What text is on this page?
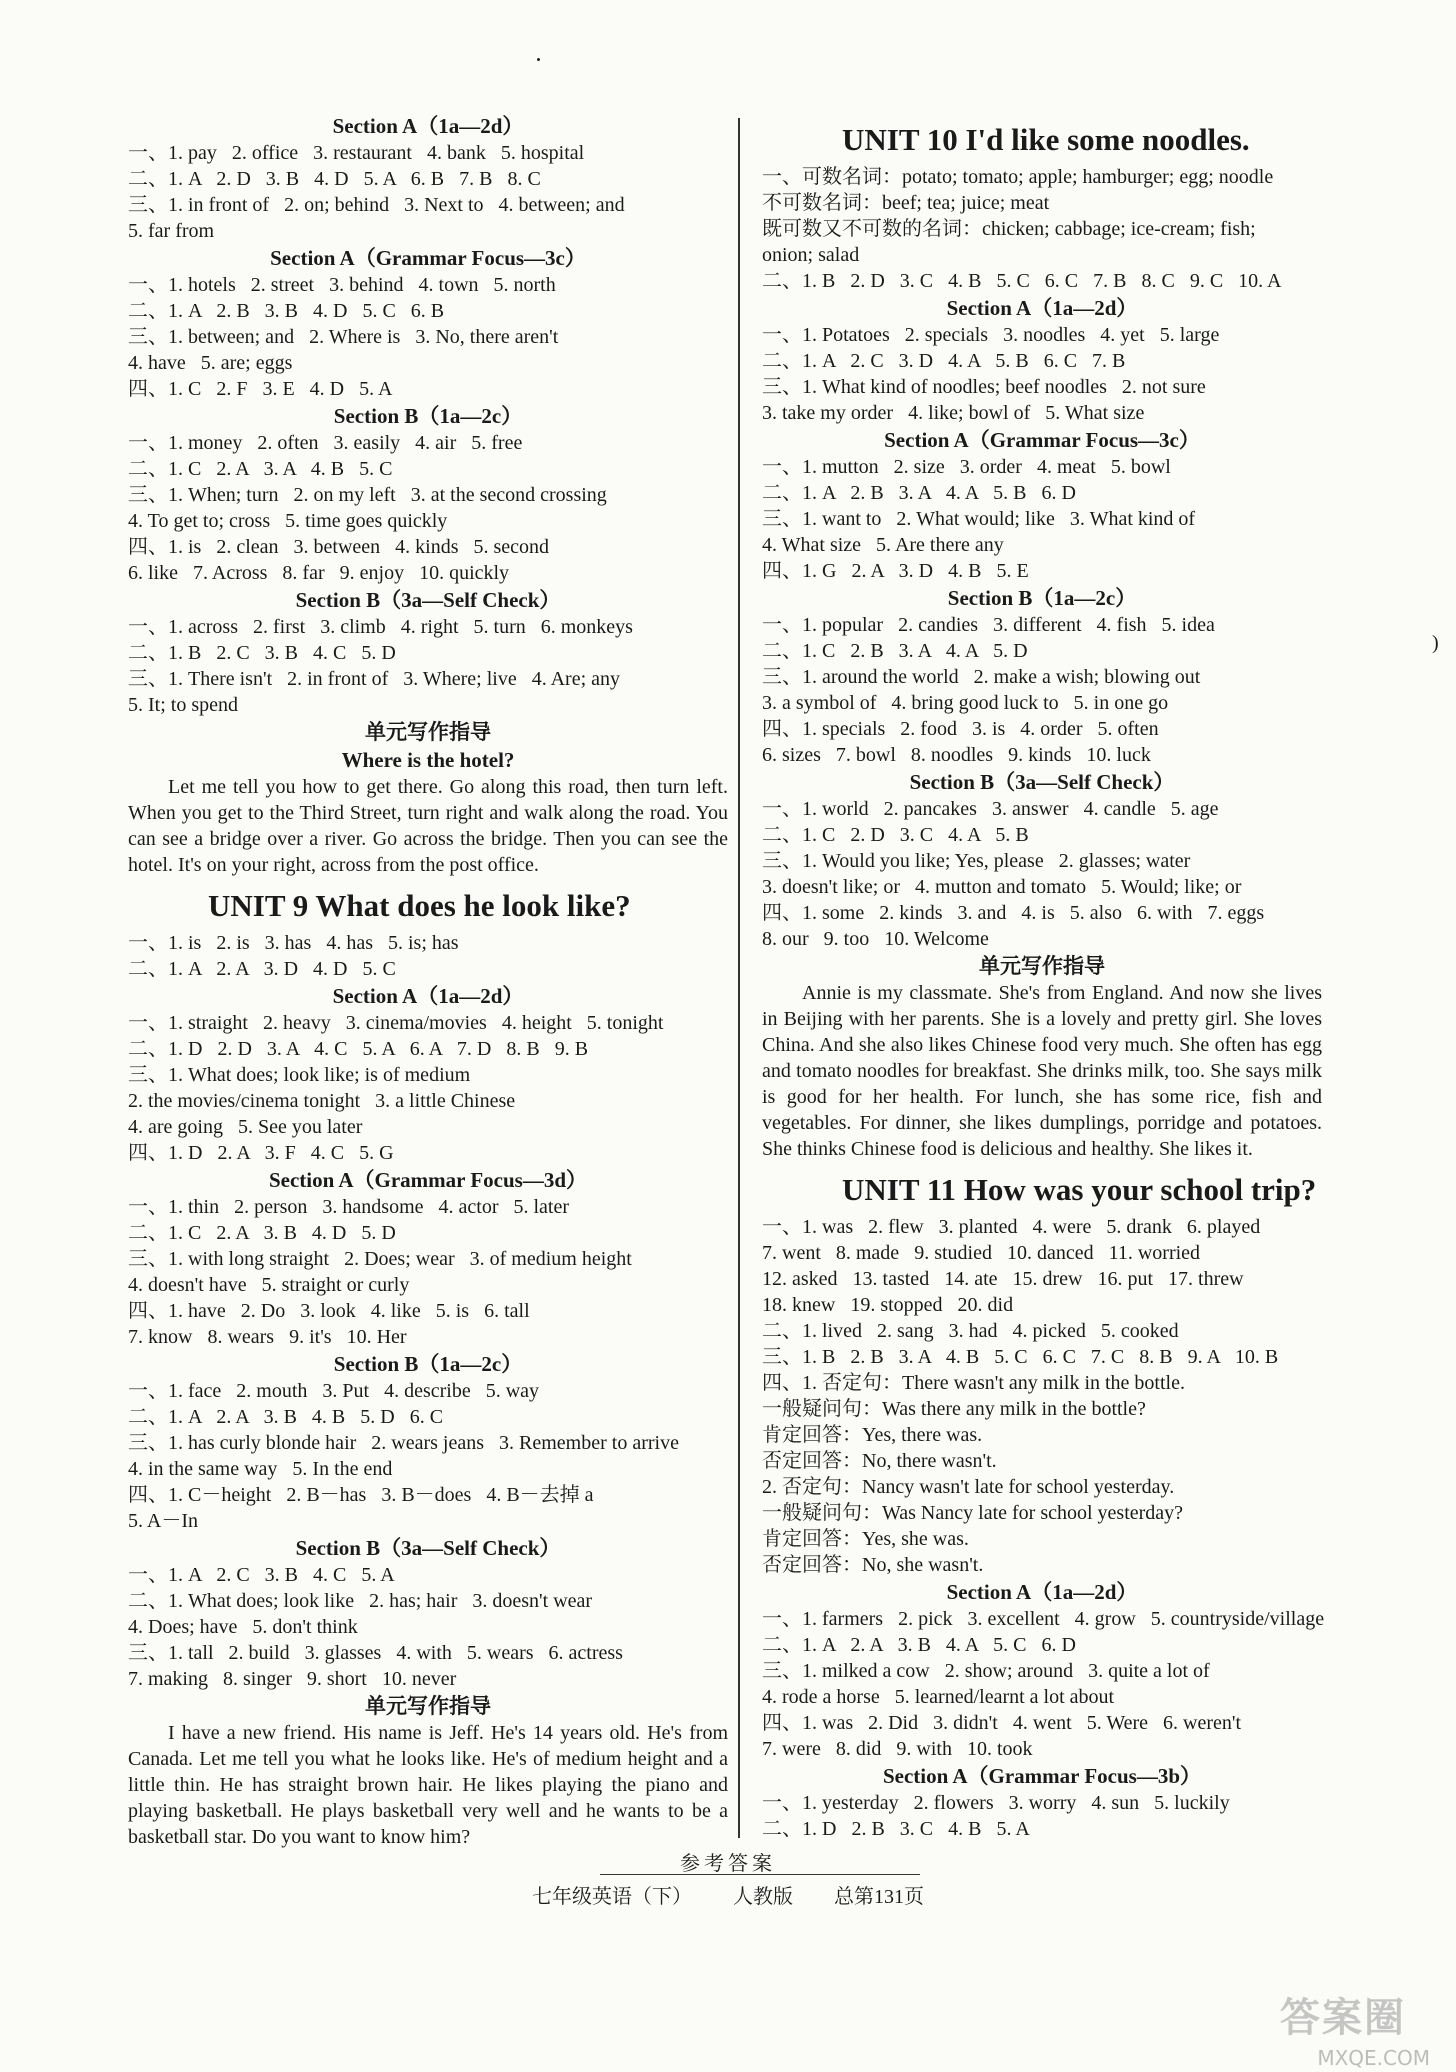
Section A（1a—2d）
一、1. pay   2. office   3. restaurant   4. bank   5. hospital
二、1. A   2. D   3. B   4. D   5. A   6. B   7. B   8. C
三、1. in front of   2. on; behind   3. Next to   4. between; and
5. far from
Section A（Grammar Focus—3c）
一、1. hotels   2. street   3. behind   4. town   5. north
二、1. A   2. B   3. B   4. D   5. C   6. B
三、1. between; and   2. Where is   3. No, there aren't
4. have   5. are; eggs
四、1. C   2. F   3. E   4. D   5. A
Section B（1a—2c）
一、1. money   2. often   3. easily   4. air   5. free
二、1. C   2. A   3. A   4. B   5. C
三、1. When; turn   2. on my left   3. at the second crossing
4. To get to; cross   5. time goes quickly
四、1. is   2. clean   3. between   4. kinds   5. second
6. like   7. Across   8. far   9. enjoy   10. quickly
Section B（3a—Self Check）
一、1. across   2. first   3. climb   4. right   5. turn   6. monkeys
二、1. B   2. C   3. B   4. C   5. D
三、1. There isn't   2. in front of   3. Where; live   4. Are; any
5. It; to spend
单元写作指导
Where is the hotel?
Let me tell you how to get there. Go along this road, then turn left. When you get to the Third Street, turn right and walk along the road. You can see a bridge over a river. Go across the bridge. Then you can see the hotel. It's on your right, across from the post office.
UNIT 9 What does he look like?
一、1. is   2. is   3. has   4. has   5. is; has
二、1. A   2. A   3. D   4. D   5. C
Section A（1a—2d）
一、1. straight   2. heavy   3. cinema/movies   4. height   5. tonight
二、1. D   2. D   3. A   4. C   5. A   6. A   7. D   8. B   9. B
三、1. What does; look like; is of medium
2. the movies/cinema tonight   3. a little Chinese
4. are going   5. See you later
四、1. D   2. A   3. F   4. C   5. G
Section A（Grammar Focus—3d）
一、1. thin   2. person   3. handsome   4. actor   5. later
二、1. C   2. A   3. B   4. D   5. D
三、1. with long straight   2. Does; wear   3. of medium height
4. doesn't have   5. straight or curly
四、1. have   2. Do   3. look   4. like   5. is   6. tall
7. know   8. wears   9. it's   10. Her
Section B（1a—2c）
一、1. face   2. mouth   3. Put   4. describe   5. way
二、1. A   2. A   3. B   4. B   5. D   6. C
三、1. has curly blonde hair   2. wears jeans   3. Remember to arrive
4. in the same way   5. In the end
四、1. C－height   2. B－has   3. B－does   4. B－去掉 a
5. A－In
Section B（3a—Self Check）
一、1. A   2. C   3. B   4. C   5. A
二、1. What does; look like   2. has; hair   3. doesn't wear
4. Does; have   5. don't think
三、1. tall   2. build   3. glasses   4. with   5. wears   6. actress
7. making   8. singer   9. short   10. never
单元写作指导
I have a new friend. His name is Jeff. He's 14 years old. He's from Canada. Let me tell you what he looks like. He's of medium height and a little thin. He has straight brown hair. He likes playing the piano and playing basketball. He plays basketball very well and he wants to be a basketball star. Do you want to know him?
UNIT 10 I'd like some noodles.
一、可数名词：potato; tomato; apple; hamburger; egg; noodle
不可数名词：beef; tea; juice; meat
既可数又不可数的名词：chicken; cabbage; ice-cream; fish;
onion; salad
二、1. B   2. D   3. C   4. B   5. C   6. C   7. B   8. C   9. C   10. A
Section A（1a—2d）
一、1. Potatoes   2. specials   3. noodles   4. yet   5. large
二、1. A   2. C   3. D   4. A   5. B   6. C   7. B
三、1. What kind of noodles; beef noodles   2. not sure
3. take my order   4. like; bowl of   5. What size
Section A（Grammar Focus—3c）
一、1. mutton   2. size   3. order   4. meat   5. bowl
二、1. A   2. B   3. A   4. A   5. B   6. D
三、1. want to   2. What would; like   3. What kind of
4. What size   5. Are there any
四、1. G   2. A   3. D   4. B   5. E
Section B（1a—2c）
一、1. popular   2. candies   3. different   4. fish   5. idea
二、1. C   2. B   3. A   4. A   5. D
三、1. around the world   2. make a wish; blowing out
3. a symbol of   4. bring good luck to   5. in one go
四、1. specials   2. food   3. is   4. order   5. often
6. sizes   7. bowl   8. noodles   9. kinds   10. luck
Section B（3a—Self Check）
一、1. world   2. pancakes   3. answer   4. candle   5. age
二、1. C   2. D   3. C   4. A   5. B
三、1. Would you like; Yes, please   2. glasses; water
3. doesn't like; or   4. mutton and tomato   5. Would; like; or
四、1. some   2. kinds   3. and   4. is   5. also   6. with   7. eggs
8. our   9. too   10. Welcome
单元写作指导
Annie is my classmate. She's from England. And now she lives in Beijing with her parents. She is a lovely and pretty girl. She loves China. And she also likes Chinese food very much. She often has egg and tomato noodles for breakfast. She drinks milk, too. She says milk is good for her health. For lunch, she has some rice, fish and vegetables. For dinner, she likes dumplings, porridge and potatoes. She thinks Chinese food is delicious and healthy. She likes it.
UNIT 11 How was your school trip?
一、1. was   2. flew   3. planted   4. were   5. drank   6. played
7. went   8. made   9. studied   10. danced   11. worried
12. asked   13. tasted   14. ate   15. drew   16. put   17. threw
18. knew   19. stopped   20. did
二、1. lived   2. sang   3. had   4. picked   5. cooked
三、1. B   2. B   3. A   4. B   5. C   6. C   7. C   8. B   9. A   10. B
四、1. 否定句：There wasn't any milk in the bottle.
一般疑问句：Was there any milk in the bottle?
肯定回答：Yes, there was.
否定回答：No, there wasn't.
2. 否定句：Nancy wasn't late for school yesterday.
一般疑问句：Was Nancy late for school yesterday?
肯定回答：Yes, she was.
否定回答：No, she wasn't.
Section A（1a—2d）
一、1. farmers   2. pick   3. excellent   4. grow   5. countryside/village
二、1. A   2. A   3. B   4. A   5. C   6. D
三、1. milked a cow   2. show; around   3. quite a lot of
4. rode a horse   5. learned/learnt a lot about
四、1. was   2. Did   3. didn't   4. went   5. Were   6. weren't
7. were   8. did   9. with   10. took
Section A（Grammar Focus—3b）
一、1. yesterday   2. flowers   3. worry   4. sun   5. luckily
二、1. D   2. B   3. C   4. B   5. A
)
参考答案
七年级英语（下） 人教版 总第131页
答案圈
MXQE.COM
